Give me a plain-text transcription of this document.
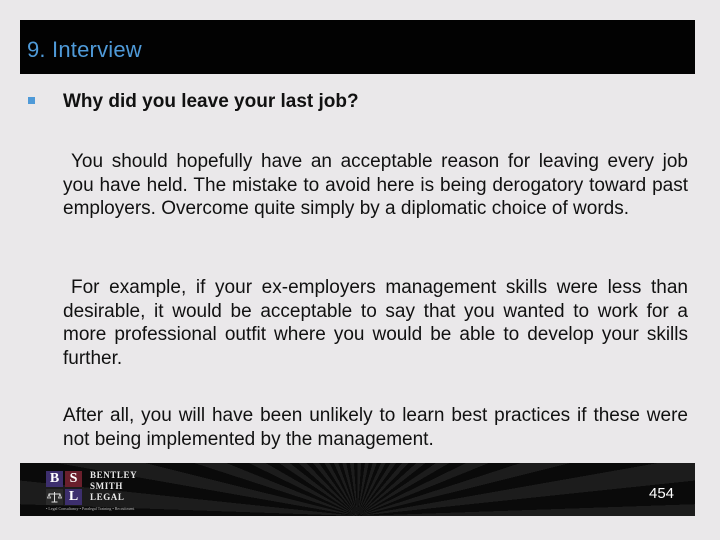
9. Interview
Why did you leave your last job?

You should hopefully have an acceptable reason for leaving every job you have held. The mistake to avoid here is being derogatory toward past employers. Overcome quite simply by a diplomatic choice of words.

For example, if your ex-employers management skills were less than desirable, it would be acceptable to say that you wanted to work for a more professional outfit where you would be able to develop your skills further.

After all, you will have been unlikely to learn best practices if these were not being implemented by the management.

B S
L
BENTLEY
SMITH
LEGAL
• Legal Consultancy • Paralegal Training • Recruitment
454
